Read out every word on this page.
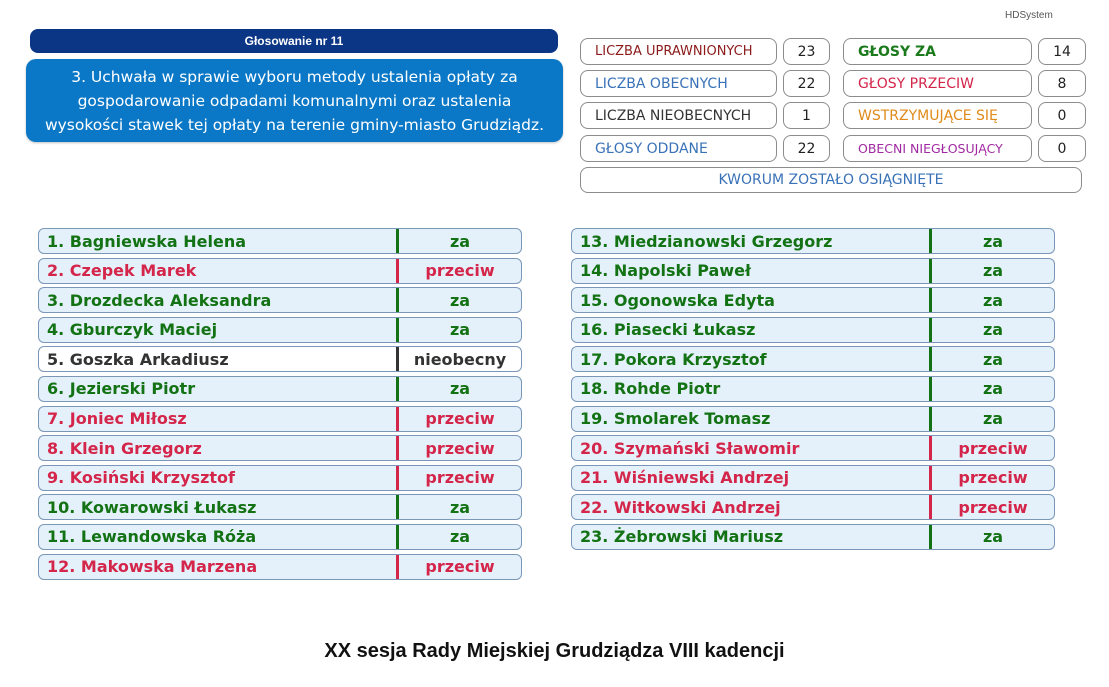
HDSystem
Głosowanie nr 11
3. Uchwała w sprawie wyboru metody ustalenia opłaty za gospodarowanie odpadami komunalnymi oraz ustalenia wysokości stawek tej opłaty na terenie gminy-miasto Grudziądz.
LICZBA UPRAWNIONYCH	23	GŁOSY ZA	14
LICZBA OBECNYCH	22	GŁOSY PRZECIW	8
LICZBA NIEOBECNYCH	1	WSTRZYMUJĄCE SIĘ	0
GŁOSY ODDANE	22	OBECNI NIEGŁOSUJĄCY	0
KWORUM ZOSTAŁO OSIĄGNIĘTE
1. Bagniewska Helena	za
2. Czepek Marek	przeciw
3. Drozdecka Aleksandra	za
4. Gburczyk Maciej	za
5. Goszka Arkadiusz	nieobecny
6. Jezierski Piotr	za
7. Joniec Miłosz	przeciw
8. Klein Grzegorz	przeciw
9. Kosiński Krzysztof	przeciw
10. Kowarowski Łukasz	za
11. Lewandowska Róża	za
12. Makowska Marzena	przeciw
13. Miedzianowski Grzegorz	za
14. Napolski Paweł	za
15. Ogonowska Edyta	za
16. Piasecki Łukasz	za
17. Pokora Krzysztof	za
18. Rohde Piotr	za
19. Smolarek Tomasz	za
20. Szymański Sławomir	przeciw
21. Wiśniewski Andrzej	przeciw
22. Witkowski Andrzej	przeciw
23. Żebrowski Mariusz	za
XX sesja Rady Miejskiej Grudziądza VIII kadencji
